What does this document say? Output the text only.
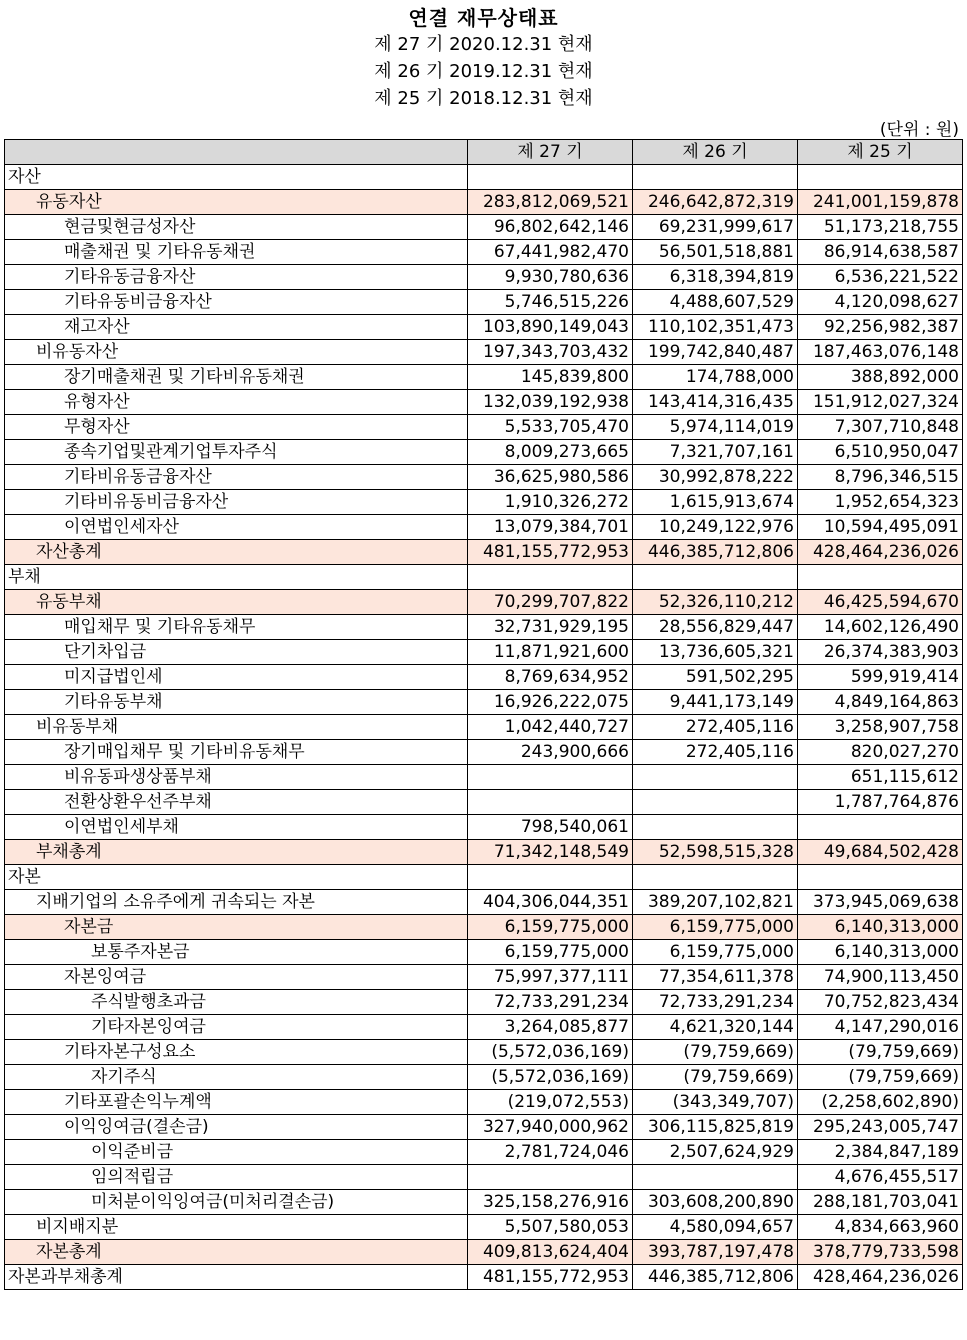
연결 재무상태표
제 27 기 2020.12.31 현재
제 26 기 2019.12.31 현재
제 25 기 2018.12.31 현재
(단위 : 원)
	제 27 기	제 26 기	제 25 기
자산			
유동자산	283,812,069,521	246,642,872,319	241,001,159,878
현금및현금성자산	96,802,642,146	69,231,999,617	51,173,218,755
매출채권 및 기타유동채권	67,441,982,470	56,501,518,881	86,914,638,587
기타유동금융자산	9,930,780,636	6,318,394,819	6,536,221,522
기타유동비금융자산	5,746,515,226	4,488,607,529	4,120,098,627
재고자산	103,890,149,043	110,102,351,473	92,256,982,387
비유동자산	197,343,703,432	199,742,840,487	187,463,076,148
장기매출채권 및 기타비유동채권	145,839,800	174,788,000	388,892,000
유형자산	132,039,192,938	143,414,316,435	151,912,027,324
무형자산	5,533,705,470	5,974,114,019	7,307,710,848
종속기업및관계기업투자주식	8,009,273,665	7,321,707,161	6,510,950,047
기타비유동금융자산	36,625,980,586	30,992,878,222	8,796,346,515
기타비유동비금융자산	1,910,326,272	1,615,913,674	1,952,654,323
이연법인세자산	13,079,384,701	10,249,122,976	10,594,495,091
자산총계	481,155,772,953	446,385,712,806	428,464,236,026
부채			
유동부채	70,299,707,822	52,326,110,212	46,425,594,670
매입채무 및 기타유동채무	32,731,929,195	28,556,829,447	14,602,126,490
단기차입금	11,871,921,600	13,736,605,321	26,374,383,903
미지급법인세	8,769,634,952	591,502,295	599,919,414
기타유동부채	16,926,222,075	9,441,173,149	4,849,164,863
비유동부채	1,042,440,727	272,405,116	3,258,907,758
장기매입채무 및 기타비유동채무	243,900,666	272,405,116	820,027,270
비유동파생상품부채			651,115,612
전환상환우선주부채			1,787,764,876
이연법인세부채	798,540,061		
부채총계	71,342,148,549	52,598,515,328	49,684,502,428
자본			
지배기업의 소유주에게 귀속되는 자본	404,306,044,351	389,207,102,821	373,945,069,638
자본금	6,159,775,000	6,159,775,000	6,140,313,000
보통주자본금	6,159,775,000	6,159,775,000	6,140,313,000
자본잉여금	75,997,377,111	77,354,611,378	74,900,113,450
주식발행초과금	72,733,291,234	72,733,291,234	70,752,823,434
기타자본잉여금	3,264,085,877	4,621,320,144	4,147,290,016
기타자본구성요소	(5,572,036,169)	(79,759,669)	(79,759,669)
자기주식	(5,572,036,169)	(79,759,669)	(79,759,669)
기타포괄손익누계액	(219,072,553)	(343,349,707)	(2,258,602,890)
이익잉여금(결손금)	327,940,000,962	306,115,825,819	295,243,005,747
이익준비금	2,781,724,046	2,507,624,929	2,384,847,189
임의적립금			4,676,455,517
미처분이익잉여금(미처리결손금)	325,158,276,916	303,608,200,890	288,181,703,041
비지배지분	5,507,580,053	4,580,094,657	4,834,663,960
자본총계	409,813,624,404	393,787,197,478	378,779,733,598
자본과부채총계	481,155,772,953	446,385,712,806	428,464,236,026
